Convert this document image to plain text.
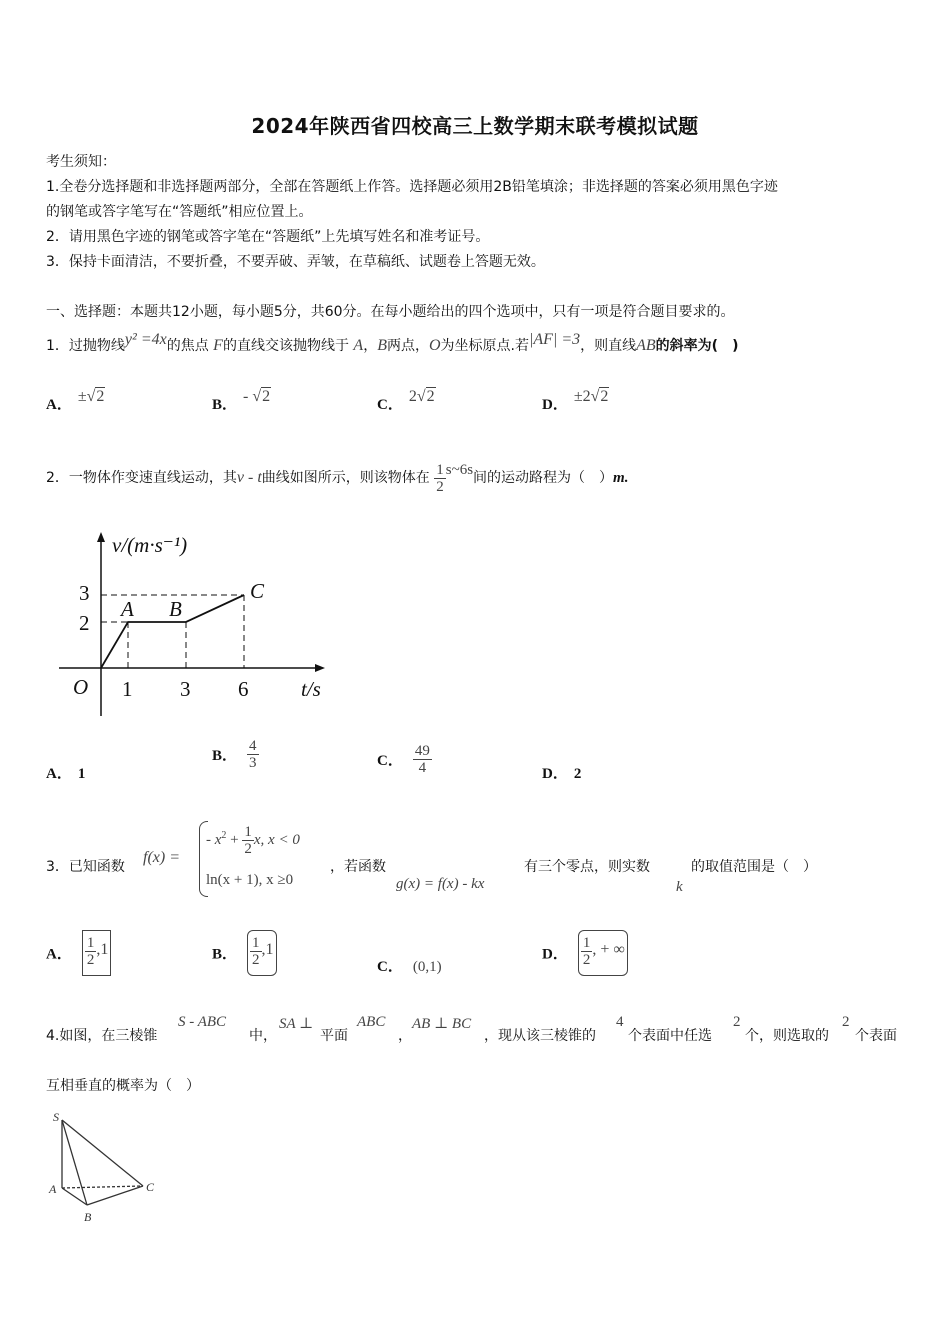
2024年陕西省四校高三上数学期末联考模拟试题
考生须知：
1.全卷分选择题和非选择题两部分，全部在答题纸上作答。选择题必须用2B铅笔填涂；非选择题的答案必须用黑色字迹
的钢笔或答字笔写在“答题纸”相应位置上。
2．请用黑色字迹的钢笔或答字笔在“答题纸”上先填写姓名和准考证号。
3．保持卡面清洁，不要折叠，不要弄破、弄皱，在草稿纸、试题卷上答题无效。
一、选择题：本题共12小题，每小题5分，共60分。在每小题给出的四个选项中，只有一项是符合题目要求的。
1．过抛物线y² =4x的焦点 F的直线交该抛物线于 A，B两点，O为坐标原点.若|AF| =3，则直线AB的斜率为(　)
A． ±√2	B． - √2	C． 2√2	D． ±2√2
2．一物体作变速直线运动，其v - t曲线如图所示，则该物体在 $\frac{1}{2}$ s~6s间的运动路程为（　）m.
v/(m·s⁻¹)
3
2
O 1 3 6	t/s
A B
C
A． 1
B． $\frac{4}{3}$	C． $\frac{49}{4}$	D． 2
3．已知函数
f(x) =
- $x^2 + \frac{1}{2} x$, x < 0
ln(x + 1), x ≥0
，若函数
g(x) = f(x) - kx
有三个零点，则实数
k
的取值范围是（　）
A． $\frac{1}{2} ,1$	B． $\frac{1}{2} ,1$
C． (0,1)
D． $\frac{1}{2}$ , + ∞
4.如图，在三棱锥
S - ABC
中，
SA ⊥
平面
ABC
，
AB ⊥ BC
，现从该三棱锥的
4
个表面中任选
2
个，则选取的
2
个表面
互相垂直的概率为（　）
S
A
B
C
